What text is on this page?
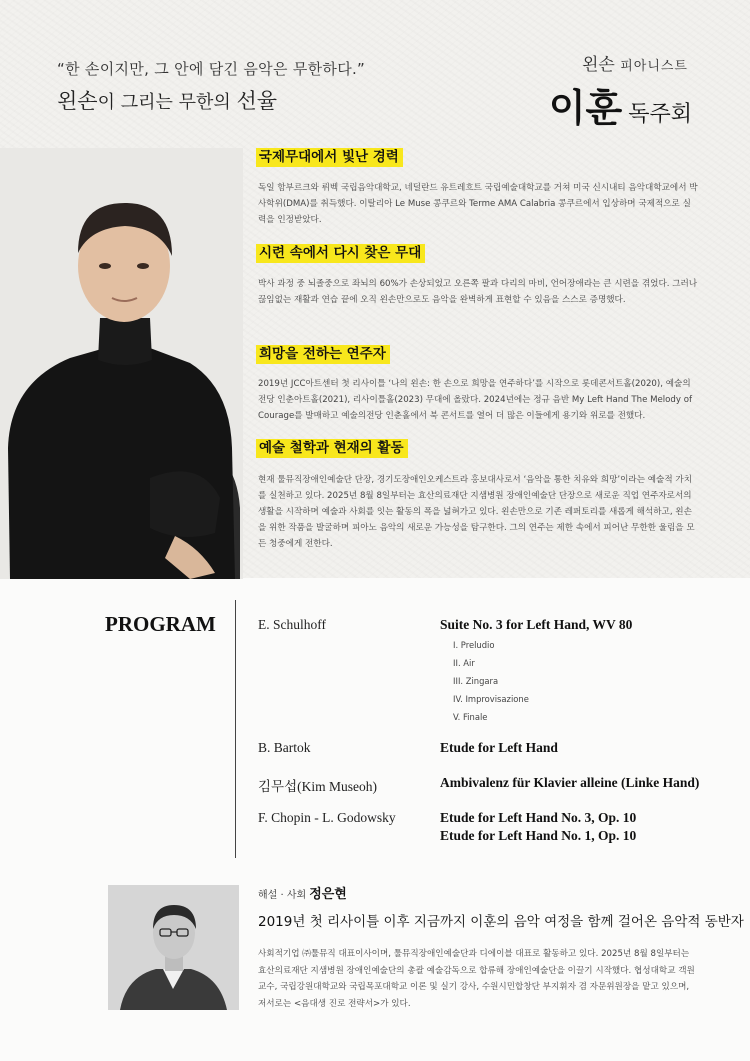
“한 손이지만, 그 안에 담긴 음악은 무한하다.”
왼손이 그리는 무한의 선율
왼손 피아니스트
이훈 독주회
국제무대에서 빛난 경력
독일 함부르크와 뤼벡 국립음악대학교, 네덜란드 유트레흐트 국립예술대학교를 거쳐 미국 신시내티 음악대학교에서 박사학위(DMA)를 취득했다. 이탈리아 Le Muse 콩쿠르와 Terme AMA Calabria 콩쿠르에서 입상하며 국제적으로 실력을 인정받았다.
시련 속에서 다시 찾은 무대
박사 과정 중 뇌졸중으로 좌뇌의 60%가 손상되었고 오른쪽 팔과 다리의 마비, 언어장애라는 큰 시련을 겪었다. 그러나 끊임없는 재활과 연습 끝에 오직 왼손만으로도 음악을 완벽하게 표현할 수 있음을 스스로 증명했다.
희망을 전하는 연주자
2019년 JCC아트센터 첫 리사이틀 ‘나의 왼손: 한 손으로 희망을 연주하다’를 시작으로 롯데콘서트홀(2020), 예술의전당 인춘아트홀(2021), 리사이틀홀(2023) 무대에 올랐다. 2024년에는 정규 음반 My Left Hand The Melody of Courage를 발매하고 예술의전당 인춘홀에서 북 콘서트를 열어 더 많은 이들에게 용기와 위로를 전했다.
예술 철학과 현재의 활동
현재 툴뮤직장애인예술단 단장, 경기도장애인오케스트라 홍보대사로서 ‘음악을 통한 치유와 희망’이라는 예술적 가치를 실천하고 있다. 2025년 8월 8일부터는 효산의료재단 지샘병원 장애인예술단 단장으로 새로운 직업 연주자로서의 생활을 시작하며 예술과 사회를 잇는 활동의 폭을 넓혀가고 있다. 왼손만으로 기존 레퍼토리를 새롭게 해석하고, 왼손을 위한 작품을 발굴하며 피아노 음악의 새로운 가능성을 탐구한다. 그의 연주는 제한 속에서 피어난 무한한 울림을 모든 청중에게 전한다.
PROGRAM	E. Schulhoff	Suite No. 3 for Left Hand, WV 80
I. Preludio
II. Air
III. Zingara
IV. Improvisazione
V. Finale
B. Bartok	Etude for Left Hand
김무섭(Kim Museoh)	Ambivalenz für Klavier alleine (Linke Hand)
F. Chopin - L. Godowsky	Etude for Left Hand No. 3, Op. 10
Etude for Left Hand No. 1, Op. 10
해설 · 사회 정은현
2019년 첫 리사이틀 이후 지금까지 이훈의 음악 여정을 함께 걸어온 음악적 동반자
사회적기업 ㈜툴뮤직 대표이사이며, 툴뮤직장애인예술단과 디에이블 대표로 활동하고 있다. 2025년 8월 8일부터는 효산의료재단 지샘병원 장애인예술단의 총괄 예술감독으로 합류해 장애인예술단을 이끌기 시작했다. 협성대학교 객원교수, 국립강원대학교와 국립목포대학교 이론 및 실기 강사, 수원시민합창단 부지휘자 겸 자문위원장을 맡고 있으며, 저서로는 <음대생 진로 전략서>가 있다.
